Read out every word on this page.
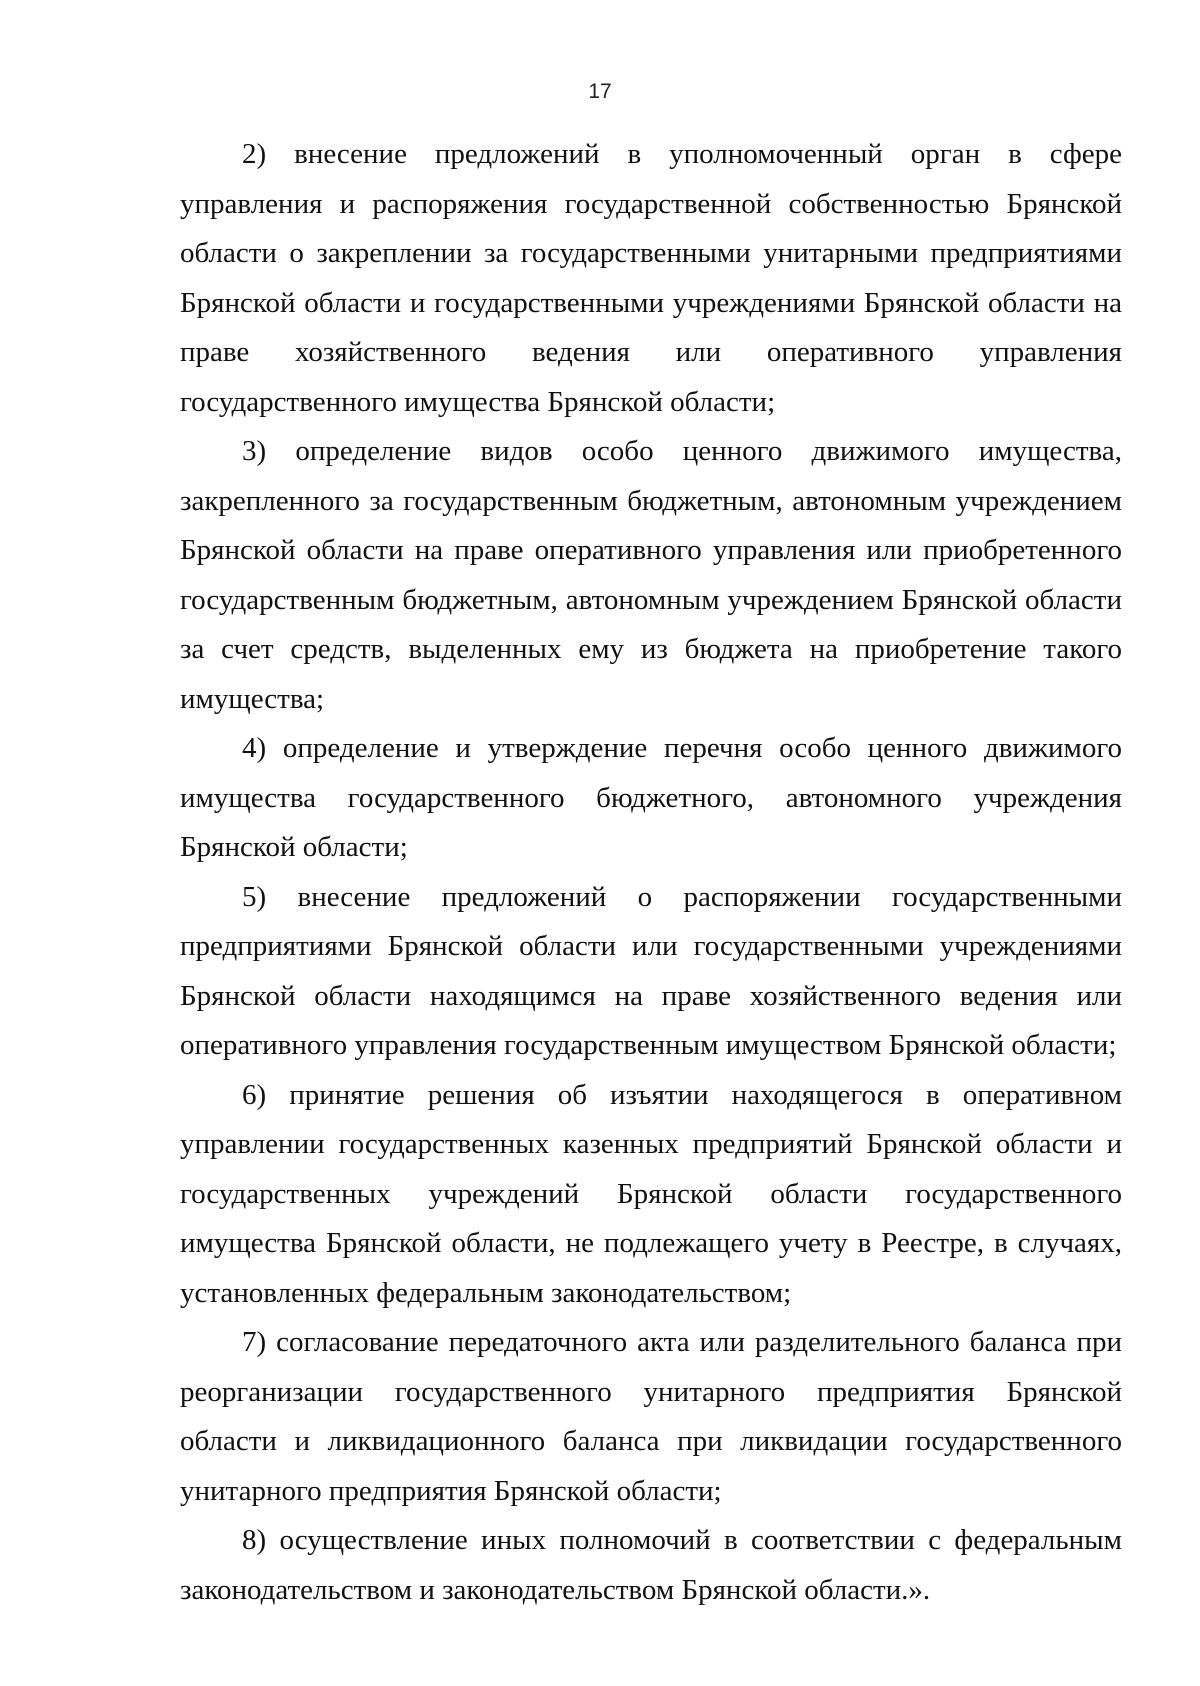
17

2) внесение предложений в уполномоченный орган в сфере управления и распоряжения государственной собственностью Брянской области о закреплении за государственными унитарными предприятиями Брянской области и государственными учреждениями Брянской области на праве хозяйственного ведения или оперативного управления государственного имущества Брянской области;

3) определение видов особо ценного движимого имущества, закрепленного за государственным бюджетным, автономным учреждением Брянской области на праве оперативного управления или приобретенного государственным бюджетным, автономным учреждением Брянской области за счет средств, выделенных ему из бюджета на приобретение такого имущества;

4) определение и утверждение перечня особо ценного движимого имущества государственного бюджетного, автономного учреждения Брянской области;

5) внесение предложений о распоряжении государственными предприятиями Брянской области или государственными учреждениями Брянской области находящимся на праве хозяйственного ведения или оперативного управления государственным имуществом Брянской области;

6) принятие решения об изъятии находящегося в оперативном управлении государственных казенных предприятий Брянской области и государственных учреждений Брянской области государственного имущества Брянской области, не подлежащего учету в Реестре, в случаях, установленных федеральным законодательством;

7) согласование передаточного акта или разделительного баланса при реорганизации государственного унитарного предприятия Брянской области и ликвидационного баланса при ликвидации государственного унитарного предприятия Брянской области;

8) осуществление иных полномочий в соответствии с федеральным законодательством и законодательством Брянской области.».
